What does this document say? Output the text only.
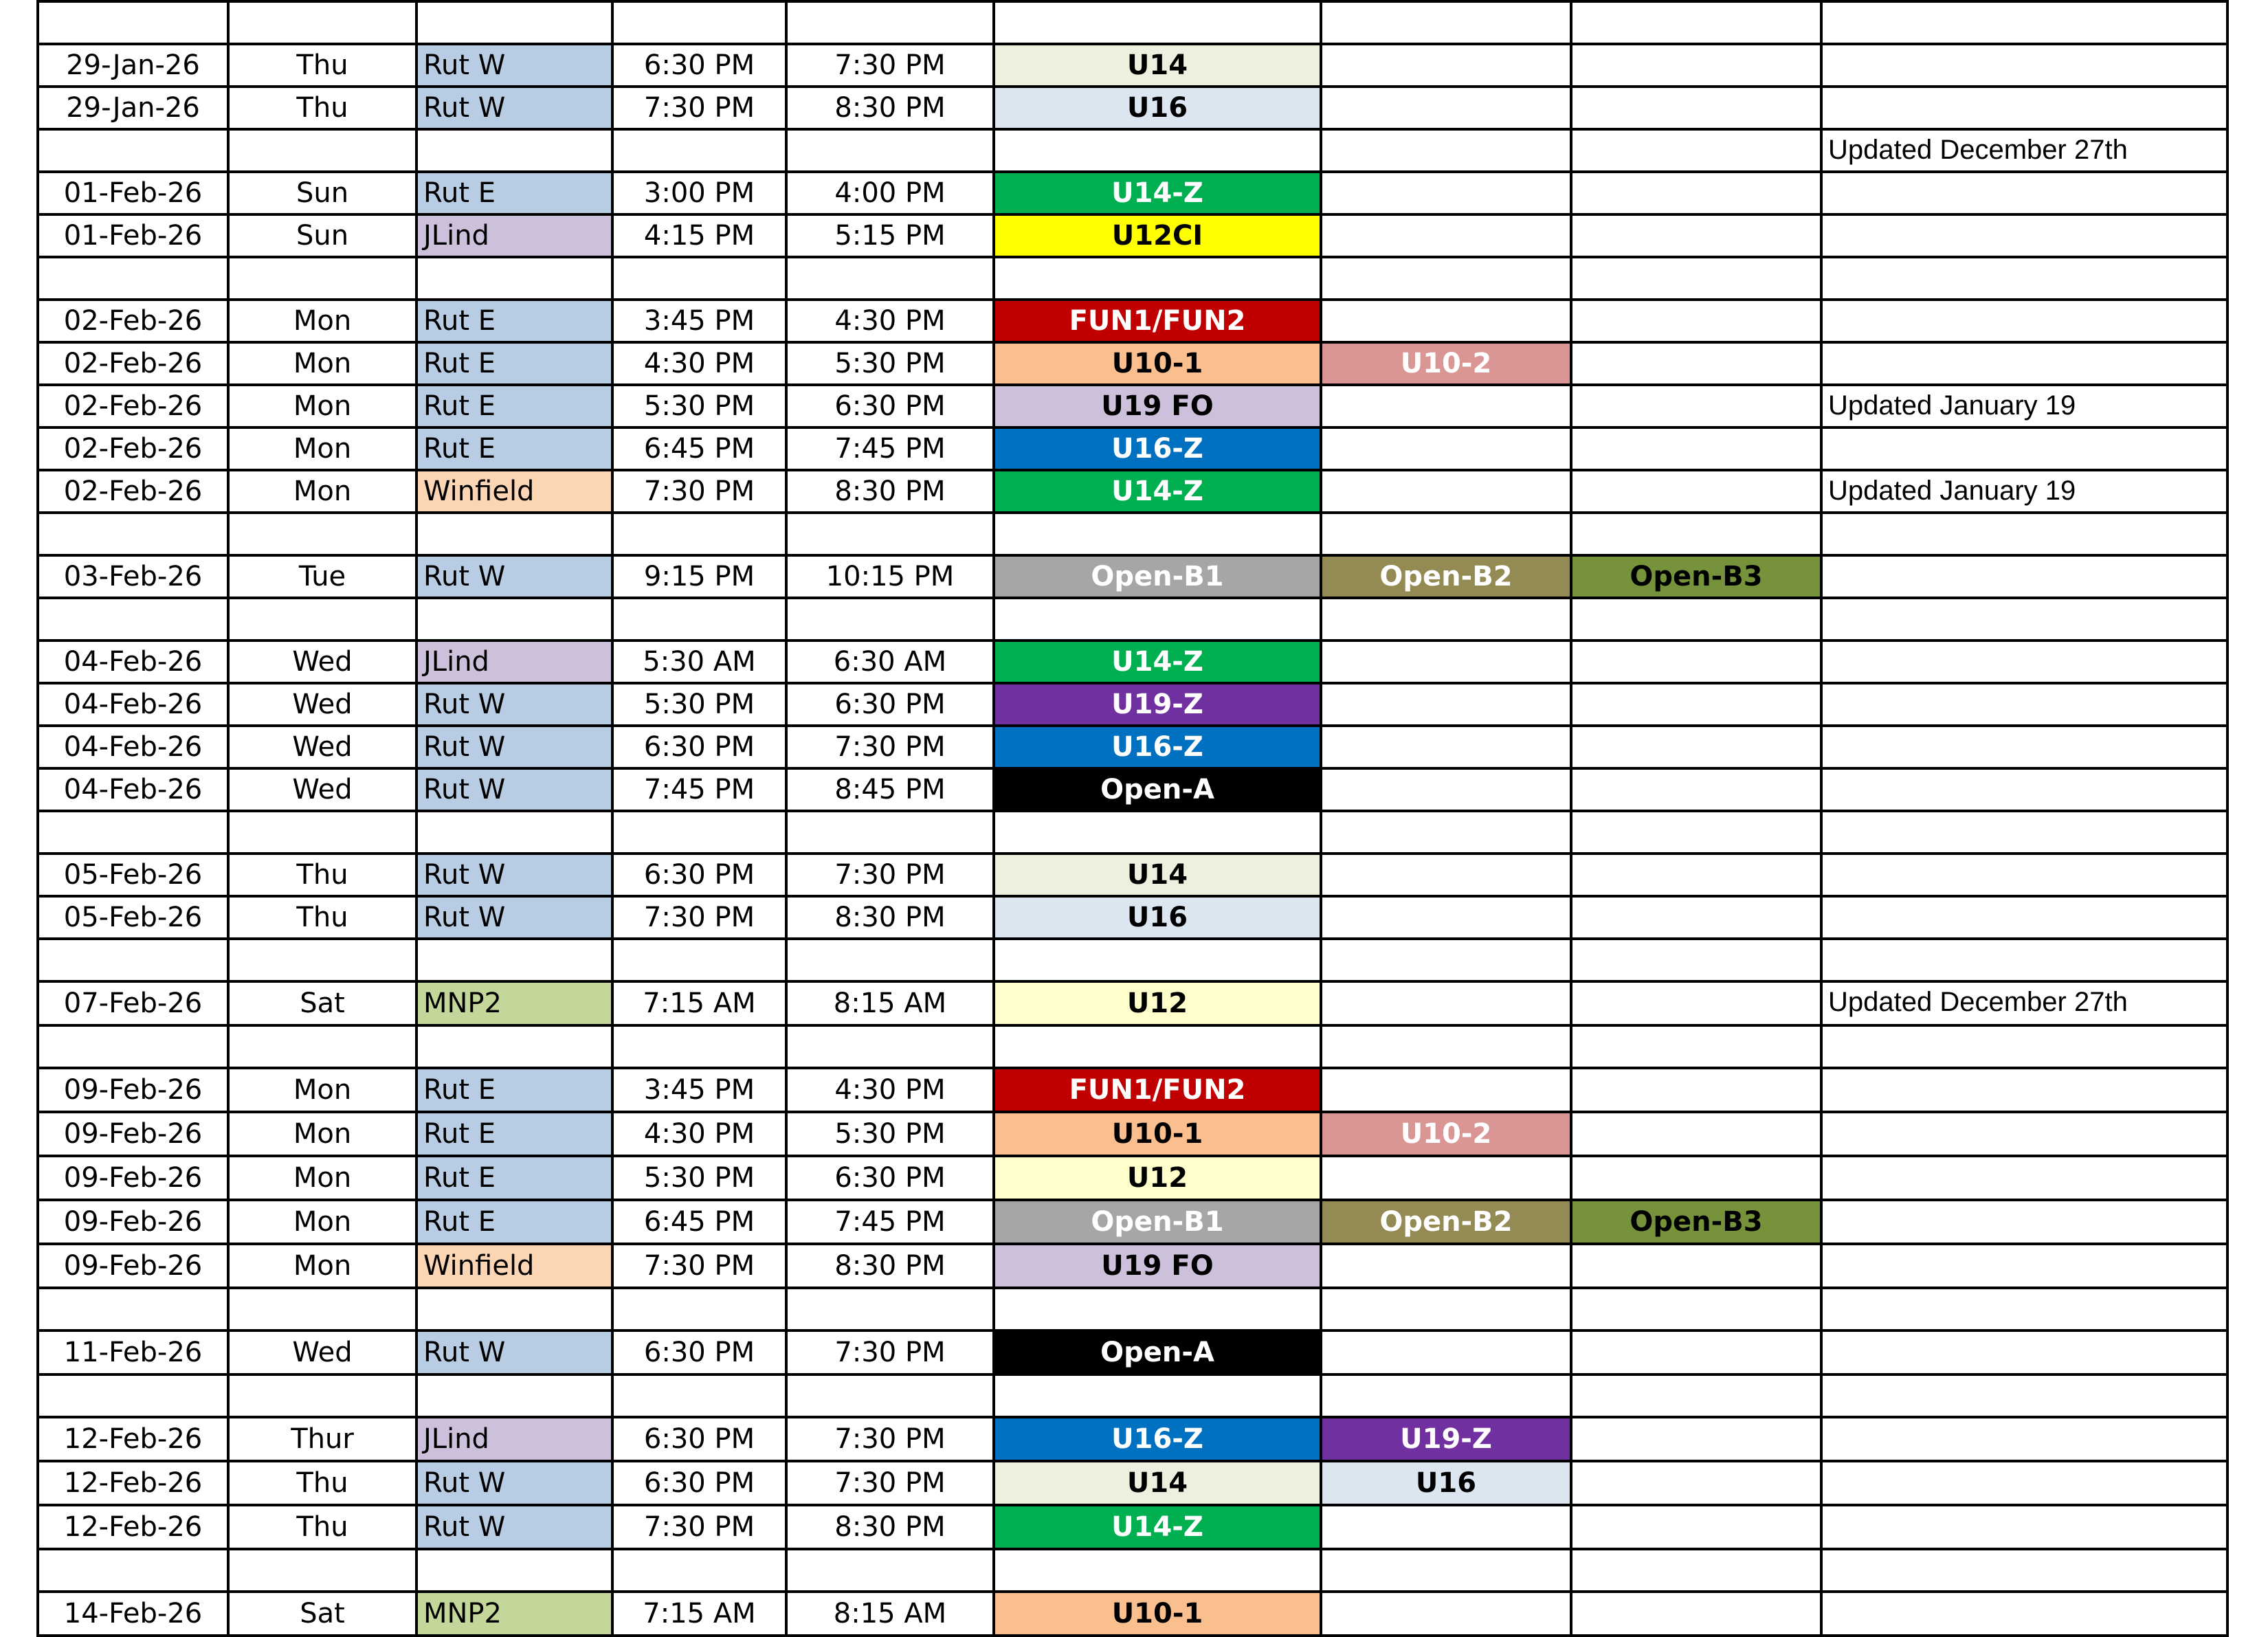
29-Jan-26	Thu	Rut W	6:30 PM	7:30 PM	U14			
29-Jan-26	Thu	Rut W	7:30 PM	8:30 PM	U16			
								Updated December 27th
01-Feb-26	Sun	Rut E	3:00 PM	4:00 PM	U14-Z			
01-Feb-26	Sun	JLind	4:15 PM	5:15 PM	U12CI			

02-Feb-26	Mon	Rut E	3:45 PM	4:30 PM	FUN1/FUN2			
02-Feb-26	Mon	Rut E	4:30 PM	5:30 PM	U10-1	U10-2		
02-Feb-26	Mon	Rut E	5:30 PM	6:30 PM	U19 FO			Updated January 19
02-Feb-26	Mon	Rut E	6:45 PM	7:45 PM	U16-Z			
02-Feb-26	Mon	Winfield	7:30 PM	8:30 PM	U14-Z			Updated January 19

03-Feb-26	Tue	Rut W	9:15 PM	10:15 PM	Open-B1	Open-B2	Open-B3	

04-Feb-26	Wed	JLind	5:30 AM	6:30 AM	U14-Z			
04-Feb-26	Wed	Rut W	5:30 PM	6:30 PM	U19-Z			
04-Feb-26	Wed	Rut W	6:30 PM	7:30 PM	U16-Z			
04-Feb-26	Wed	Rut W	7:45 PM	8:45 PM	Open-A			

05-Feb-26	Thu	Rut W	6:30 PM	7:30 PM	U14			
05-Feb-26	Thu	Rut W	7:30 PM	8:30 PM	U16			

07-Feb-26	Sat	MNP2	7:15 AM	8:15 AM	U12			Updated December 27th

09-Feb-26	Mon	Rut E	3:45 PM	4:30 PM	FUN1/FUN2			
09-Feb-26	Mon	Rut E	4:30 PM	5:30 PM	U10-1	U10-2		
09-Feb-26	Mon	Rut E	5:30 PM	6:30 PM	U12			
09-Feb-26	Mon	Rut E	6:45 PM	7:45 PM	Open-B1	Open-B2	Open-B3	
09-Feb-26	Mon	Winfield	7:30 PM	8:30 PM	U19 FO			

11-Feb-26	Wed	Rut W	6:30 PM	7:30 PM	Open-A			

12-Feb-26	Thur	JLind	6:30 PM	7:30 PM	U16-Z	U19-Z		
12-Feb-26	Thu	Rut W	6:30 PM	7:30 PM	U14	U16		
12-Feb-26	Thu	Rut W	7:30 PM	8:30 PM	U14-Z			

14-Feb-26	Sat	MNP2	7:15 AM	8:15 AM	U10-1			
